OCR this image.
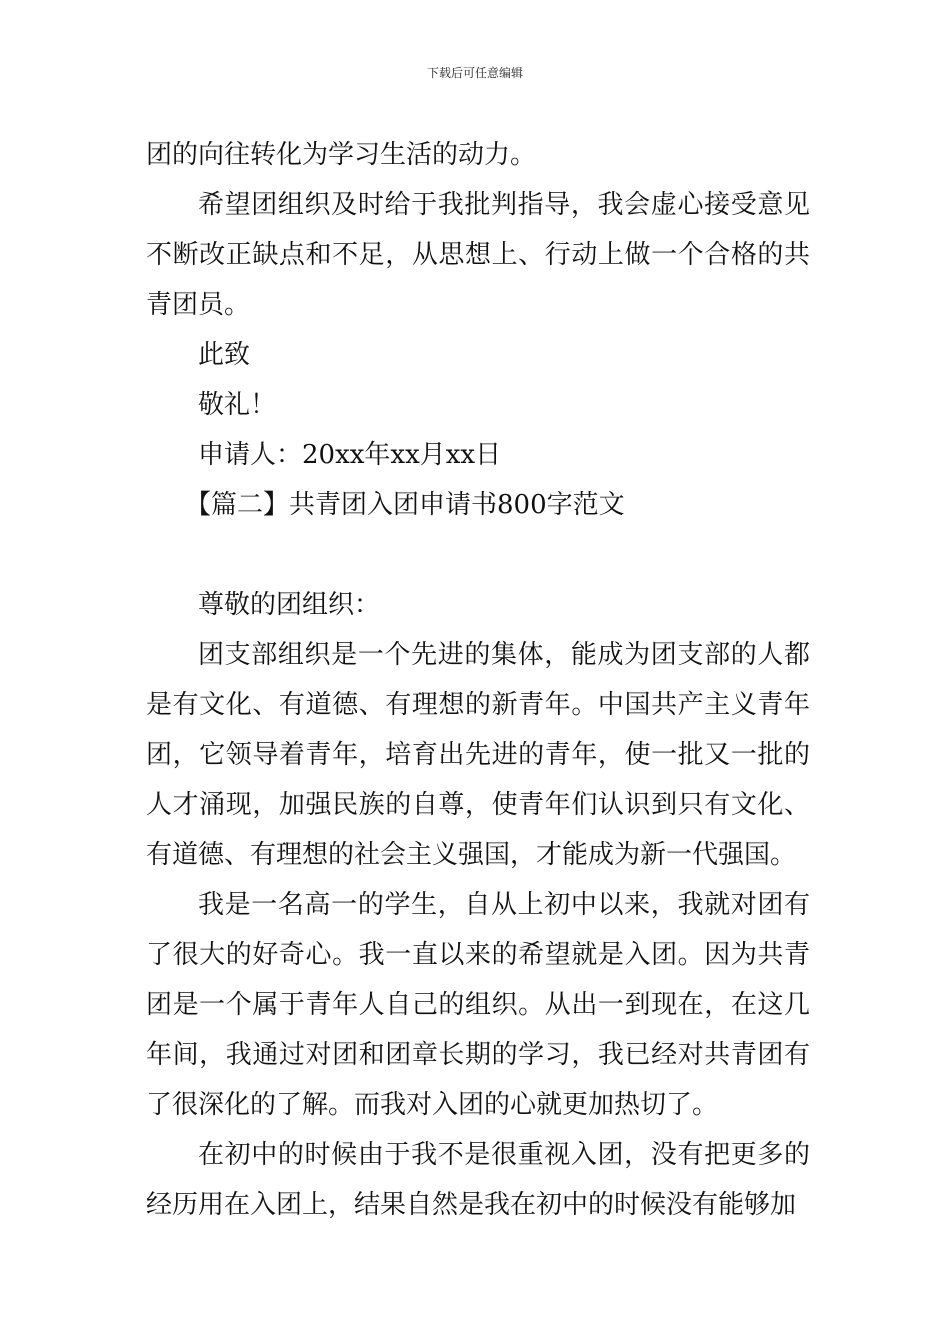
下载后可任意编辑

团的向往转化为学习生活的动力。

希望团组织及时给于我批判指导，我会虚心接受意见不断改正缺点和不足，从思想上、行动上做一个合格的共青团员。

此致

敬礼！

申请人：20xx年xx月xx日

【篇二】共青团入团申请书800字范文

尊敬的团组织：

团支部组织是一个先进的集体，能成为团支部的人都是有文化、有道德、有理想的新青年。中国共产主义青年团，它领导着青年，培育出先进的青年，使一批又一批的人才涌现，加强民族的自尊，使青年们认识到只有文化、有道德、有理想的社会主义强国，才能成为新一代强国。

我是一名高一的学生，自从上初中以来，我就对团有了很大的好奇心。我一直以来的希望就是入团。因为共青团是一个属于青年人自己的组织。从出一到现在，在这几年间，我通过对团和团章长期的学习，我已经对共青团有了很深化的了解。而我对入团的心就更加热切了。

在初中的时候由于我不是很重视入团，没有把更多的经历用在入团上，结果自然是我在初中的时候没有能够加
